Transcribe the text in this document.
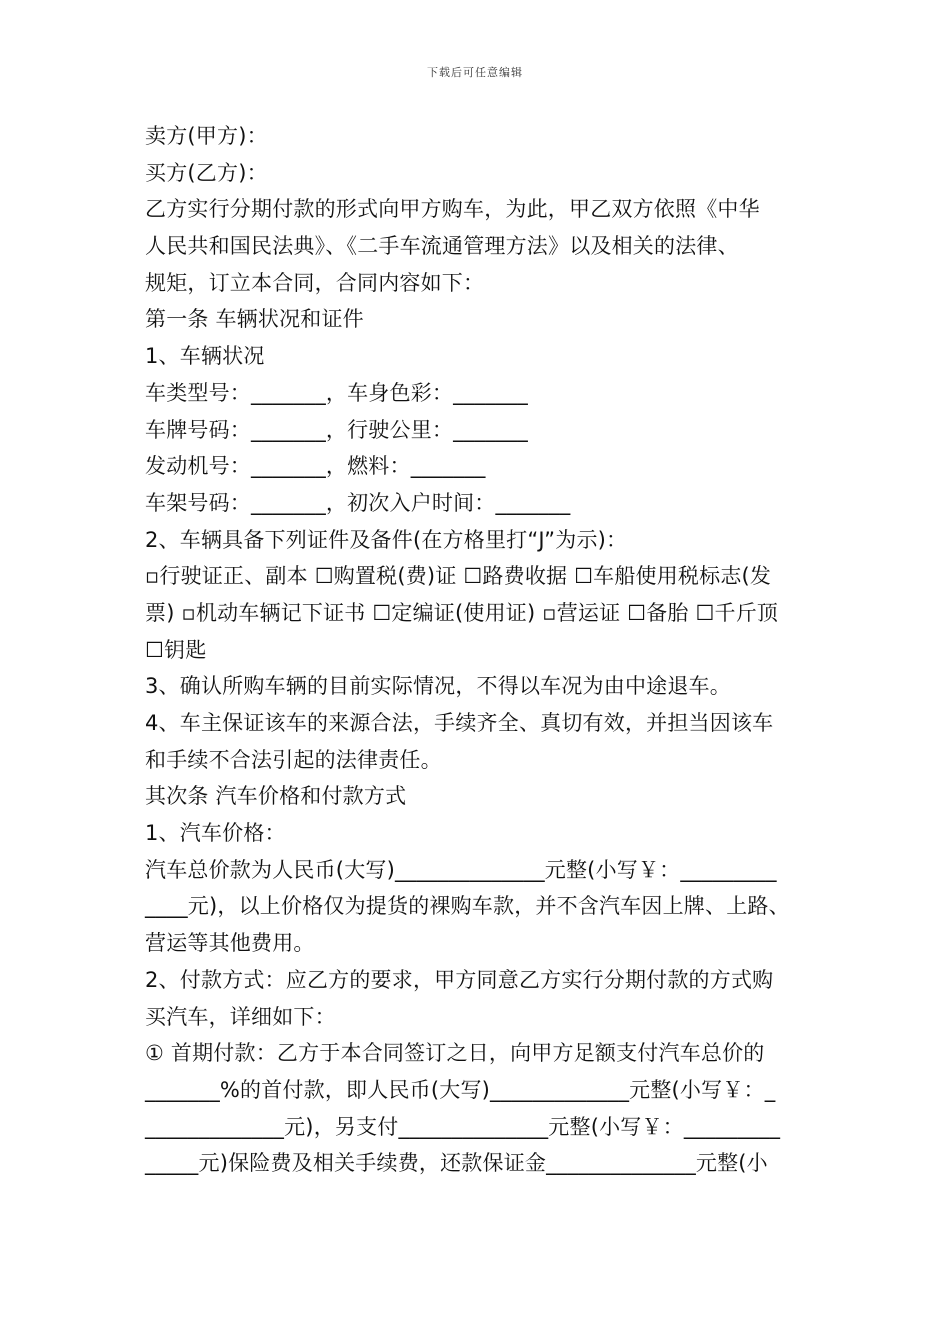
下载后可任意编辑
卖方(甲方)：
买方(乙方)：
乙方实行分期付款的形式向甲方购车，为此，甲乙双方依照《中华
人民共和国民法典》、《二手车流通管理方法》以及相关的法律、
规矩，订立本合同，合同内容如下：
第一条 车辆状况和证件
1、车辆状况
车类型号：_______，车身色彩：_______
车牌号码：_______，行驶公里：_______
发动机号：_______，燃料：_______
车架号码：_______，初次入户时间：_______
2、车辆具备下列证件及备件(在方格里打“J”为示)：
▫行驶证正、副本 ☐购置税(费)证 ☐路费收据 ☐车船使用税标志(发
票) ▫机动车辆记下证书 ☐定编证(使用证) ▫营运证 ☐备胎 ☐千斤顶
☐钥匙
3、确认所购车辆的目前实际情况，不得以车况为由中途退车。
4、车主保证该车的来源合法，手续齐全、真切有效，并担当因该车
和手续不合法引起的法律责任。
其次条 汽车价格和付款方式
1、汽车价格：
汽车总价款为人民币(大写)______________元整(小写￥：_________
____元)，以上价格仅为提货的裸购车款，并不含汽车因上牌、上路、
营运等其他费用。
2、付款方式：应乙方的要求，甲方同意乙方实行分期付款的方式购
买汽车，详细如下：
① 首期付款：乙方于本合同签订之日，向甲方足额支付汽车总价的
_______%的首付款，即人民币(大写)_____________元整(小写￥：_
_____________元)，另支付______________元整(小写￥：_________
_____元)保险费及相关手续费，还款保证金______________元整(小
